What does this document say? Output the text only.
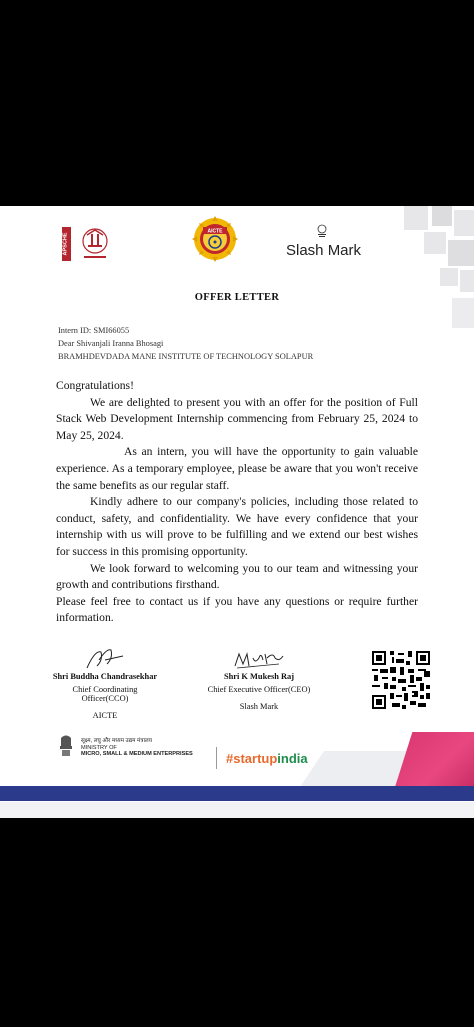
APSCHE
AICTE
Slash Mark
OFFER LETTER
Intern ID: SMI66055
Dear Shivanjali Iranna Bhosagi
BRAMHDEVDADA MANE INSTITUTE OF TECHNOLOGY SOLAPUR

Congratulations!

We are delighted to present you with an offer for the position of Full Stack Web Development Internship commencing from February 25, 2024 to May 25, 2024.

As an intern, you will have the opportunity to gain valuable experience. As a temporary employee, please be aware that you won't receive the same benefits as our regular staff.

Kindly adhere to our company's policies, including those related to conduct, safety, and confidentiality. We have every confidence that your internship with us will prove to be fulfilling and we extend our best wishes for success in this promising opportunity.

We look forward to welcoming you to our team and witnessing your growth and contributions firsthand.

Please feel free to contact us if you have any questions or require further information.

Shri Buddha Chandrasekhar
Chief Coordinating Officer(CCO)
AICTE
Shri K Mukesh Raj
Chief Executive Officer(CEO)
Slash Mark
सूक्ष्म, लघु और मध्यम उद्यम मंत्रालय
MINISTRY OF
MICRO, SMALL & MEDIUM ENTERPRISES	#startupindia
